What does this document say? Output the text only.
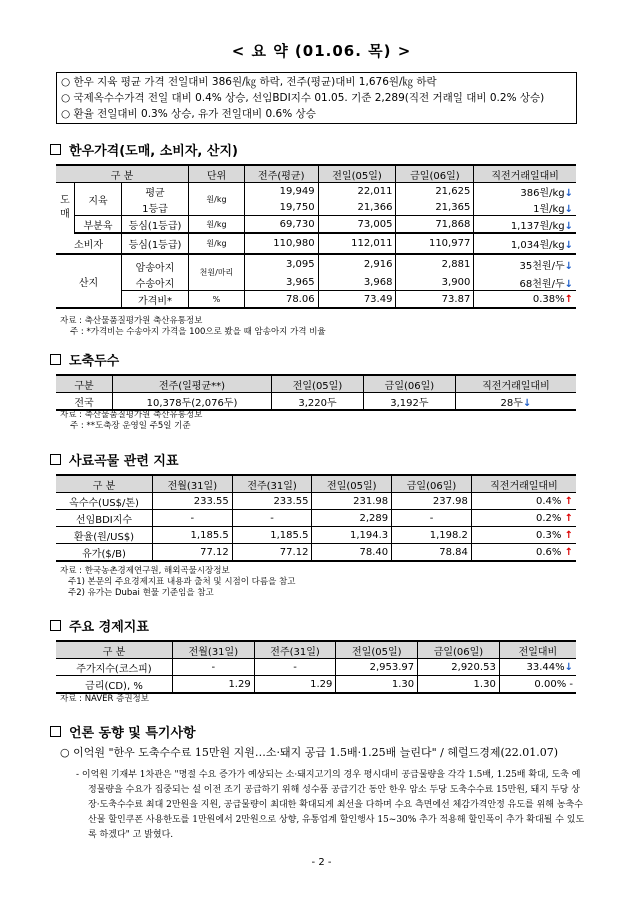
< 요 약 (01.06. 목) >
○ 한우 지육 평균 가격 전일대비 386원/㎏ 하락, 전주(평균)대비 1,676원/㎏ 하락
○ 국제옥수수가격 전일 대비 0.4% 상승, 선임BDI지수 01.05. 기준 2,289(직전 거래일 대비 0.2% 상승)
○ 환율 전일대비 0.3% 상승, 유가 전일대비 0.6% 상승
한우가격(도매, 소비자, 산지)
구 분			단위	전주(평균)	전일(05일)	금일(06일)	직전거래일대비
도
매	지육	평균	원/kg	19,949	22,011	21,625	386원/kg↓
		1등급		19,750	21,366	21,365	1원/kg↓
	부분육	등심(1등급)	원/kg	69,730	73,005	71,868	1,137원/kg↓
소비자		등심(1등급)	원/kg	110,980	112,011	110,977	1,034원/kg↓
산지		암송아지	천원/마리	3,095	2,916	2,881	35천원/두↓
		수송아지		3,965	3,968	3,900	68천원/두↓
		가격비*	%	78.06	73.49	73.87	0.38%↑
자료 : 축산물품질평가원 축산유통정보
주 : *가격비는 수송아지 가격을 100으로 봤을 때 암송아지 가격 비율
도축두수
구분	전주(일평균**)	전일(05일)	금일(06일)	직전거래일대비
전국	10,378두(2,076두)	3,220두	3,192두	28두↓
자료 : 축산물품질평가원 축산유통정보
주 : **도축장 운영일 주5일 기준
사료곡물 관련 지표
구 분	전월(31일)	전주(31일)	전일(05일)	금일(06일)	직전거래일대비
옥수수(US$/톤)	233.55	233.55	231.98	237.98	0.4% ↑
선임BDI지수	-	-	2,289	-	0.2% ↑
환율(원/US$)	1,185.5	1,185.5	1,194.3	1,198.2	0.3% ↑
유가($/B)	77.12	77.12	78.40	78.84	0.6% ↑
자료 : 한국농촌경제연구원, 해외곡물시장정보
주1) 본문의 주요경제지표 내용과 출처 및 시점이 다름을 참고
주2) 유가는 Dubai 현물 기준임을 참고
주요 경제지표
구 분	전월(31일)	전주(31일)	전일(05일)	금일(06일)	전일대비
주가지수(코스피)	-	-	2,953.97	2,920.53	33.44%↓
금리(CD), %	1.29	1.29	1.30	1.30	0.00% -
자료 : NAVER 증권정보
언론 동향 및 특기사항
○ 이억원 "한우 도축수수료 15만원 지원…소·돼지 공급 1.5배·1.25배 늘린다" / 헤럴드경제(22.01.07)
- 이억원 기재부 1차관은 "명절 수요 증가가 예상되는 소·돼지고기의 경우 평시대비 공급물량을 각각 1.5배, 1.25배 확대, 도축 예정물량을 수요가 집중되는 설 이전 조기 공급하기 위해 성수품 공급기간 동안 한우 암소 두당 도축수수료 15만원, 돼지 두당 상장·도축수수료 최대 2만원을 지원, 공급물량이 최대한 확대되게 최선을 다하며 수요 측면에선 체감가격안정 유도를 위해 농축수산물 할인쿠폰 사용한도를 1만원에서 2만원으로 상향, 유통업계 할인행사 15~30% 추가 적용해 할인폭이 추가 확대될 수 있도록 하겠다" 고 밝혔다.
- 2 -
